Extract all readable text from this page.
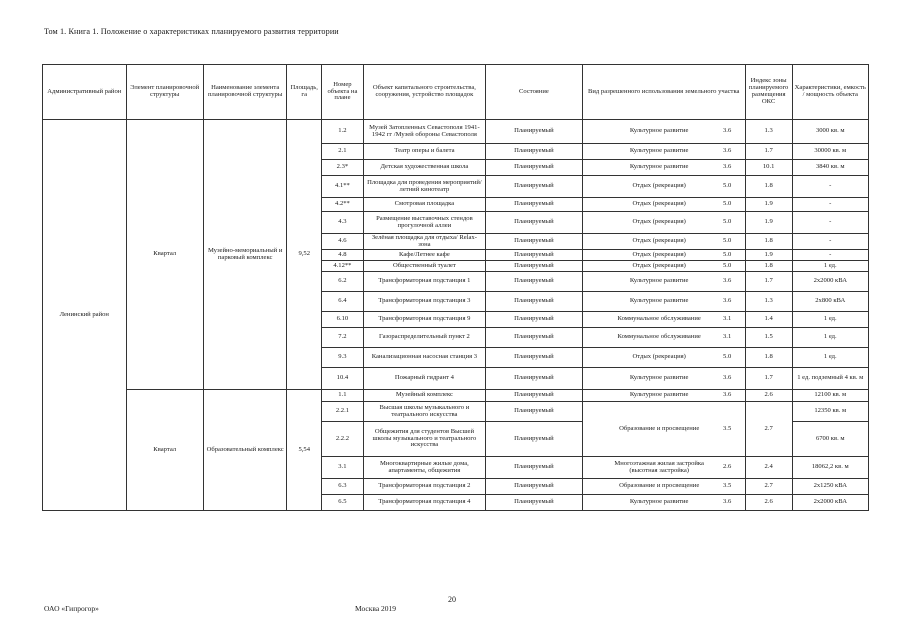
Том 1. Книга 1. Положение о характеристиках планируемого развития территории
Административный район	Элемент планировочной структуры	Наименование элемента планировочной структуры	Площадь, га	Номер объекта на плане	Объект капитального строительства, сооружения, устройство площадок	Состояние	Вид разрешенного использования земельного участка		Индекс зоны планируемого размещения ОКС	Характеристики, емкость / мощность объекта
Ленинский район	Квартал	Музейно-мемориальный и парковый комплекс	9,52	1.2	Музей Затопленных Севастополя 1941-1942 гг /Музей обороны Севастополя	Планируемый	Культурное развитие	3.6	1.3	3000 кв. м
				2.1	Театр оперы и балета	Планируемый	Культурное развитие	3.6	1.7	30000 кв. м
				2.3*	Детская художественная школа	Планируемый	Культурное развитие	3.6	10.1	3840 кв. м
				4.1**	Площадка для проведения мероприятий/летний кинотеатр	Планируемый	Отдых (рекреация)	5.0	1.8	-
				4.2**	Смотровая площадка	Планируемый	Отдых (рекреация)	5.0	1.9	-
				4.3	Размещение выставочных стендов прогулочной аллеи	Планируемый	Отдых (рекреация)	5.0	1.9	-
				4.6	Зелёная площадка для отдыха/ Relax-зона	Планируемый	Отдых (рекреация)	5.0	1.8	-
				4.8	Кафе/Летнее кафе	Планируемый	Отдых (рекреация)	5.0	1.9	-
				4.12**	Общественный туалет	Планируемый	Отдых (рекреация)	5.0	1.8	1 ед.
				6.2	Трансформаторная подстанция 1	Планируемый	Культурное развитие	3.6	1.7	2х2000 кВА
				6.4	Трансформаторная подстанция 3	Планируемый	Культурное развитие	3.6	1.3	2х800 кВА
				6.10	Трансформаторная подстанция 9	Планируемый	Коммунальное обслуживание	3.1	1.4	1 ед.
				7.2	Газораспределительный пункт 2	Планируемый	Коммунальное обслуживание	3.1	1.5	1 ед.
				9.3	Канализационная насосная станция 3	Планируемый	Отдых (рекреация)	5.0	1.8	1 ед.
				10.4	Пожарный гидрант 4	Планируемый	Культурное развитие	3.6	1.7	1 ед. подземный 4 кв. м
	Квартал	Образовательный комплекс	5,54	1.1	Музейный комплекс	Планируемый	Культурное развитие	3.6	2.6	12100 кв. м
				2.2.1	Высшая школы музыкального и театрального искусства	Планируемый	Образование и просвещение	3.5	2.7	12350 кв. м
				2.2.2	Общежития для студентов Высшей школы музыкального и театрального искусства	Планируемый				6700 кв. м
				3.1	Многоквартирные жилые дома, апартаменты, общежития	Планируемый	Многоэтажная жилая застройка (высотная застройка)	2.6	2.4	18062,2 кв. м
				6.3	Трансформаторная подстанция 2	Планируемый	Образование и просвещение	3.5	2.7	2х1250 кВА
				6.5	Трансформаторная подстанция 4	Планируемый	Культурное развитие	3.6	2.6	2х2000 кВА
20
ОАО «Гипрогор»	Москва 2019
